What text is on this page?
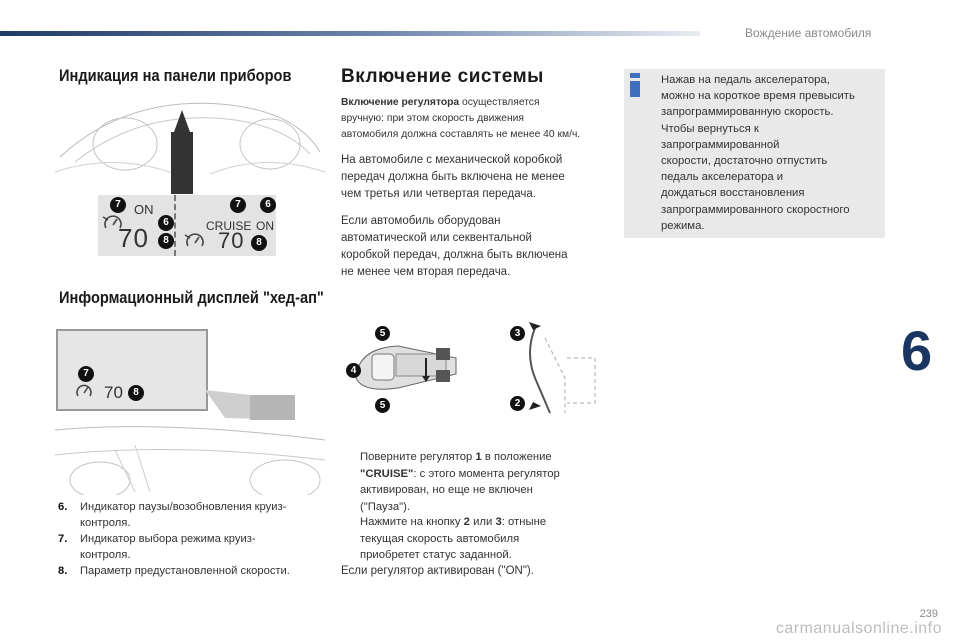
Вождение автомобиля
6
239
Индикация на панели приборов
7	ON
6
70	8
7	6
CRUISE ON
70	8
Информационный дисплей "хед-ап"
7
70	8
6. Индикатор паузы/возобновления круиз-
контроля.
7. Индикатор выбора режима круиз-
контроля.
8. Параметр предустановленной скорости.
Включение системы
Включение регулятора осуществляется
вручную: при этом скорость движения
автомобиля должна составлять не менее 40 км/ч.
На автомобиле с механической коробкой
передач должна быть включена не менее
чем третья или четвертая передача.
Если автомобиль оборудован
автоматической или секвентальной
коробкой передач, должна быть включена
не менее чем вторая передача.
5
4
5
3
2
Поверните регулятор 1 в положение
"CRUISE": с этого момента регулятор
активирован, но еще не включен
("Пауза").
Нажмите на кнопку 2 или 3: отныне
текущая скорость автомобиля
приобретет статус заданной.
Если регулятор активирован ("ON").
Нажав на педаль акселератора,
можно на короткое время превысить
запрограммированную скорость.
Чтобы вернуться к
запрограммированной
скорости, достаточно отпустить
педаль акселератора и
дождаться восстановления
запрограммированного скоростного
режима.
carmanualsonline.info
